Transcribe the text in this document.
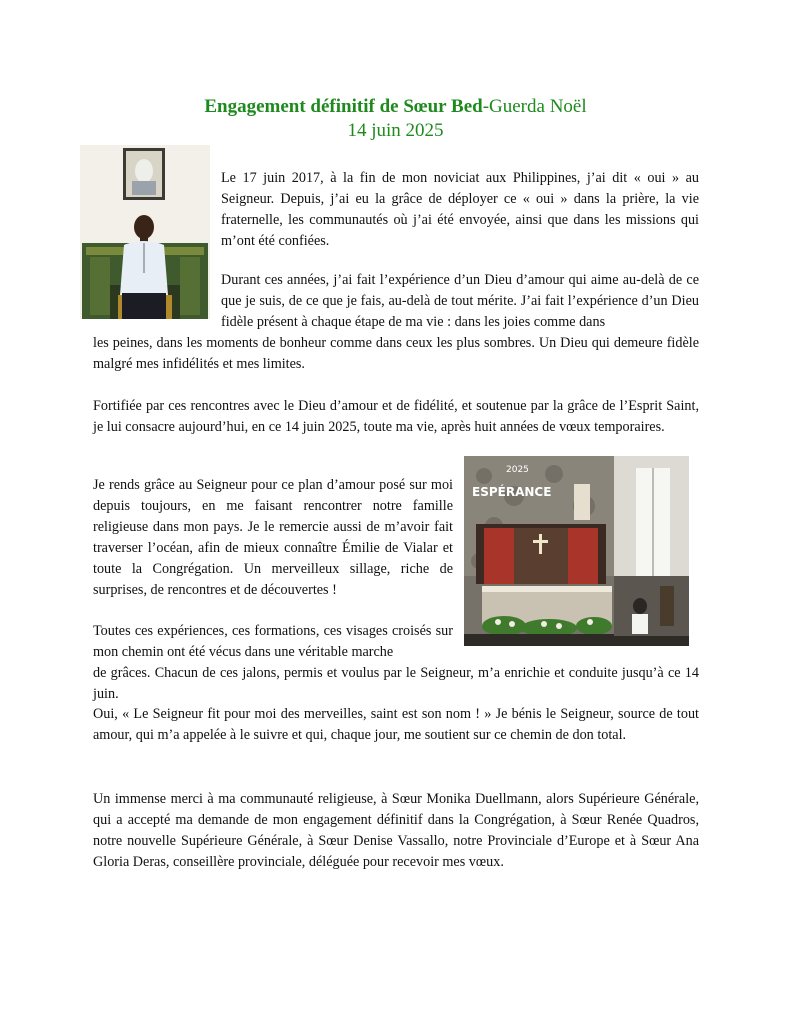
Engagement définitif de Sœur Bed-Guerda Noël
14 juin 2025
2025
ESPÉRANCE

Le 17 juin 2017, à la fin de mon noviciat aux Philippines, j’ai dit « oui » au Seigneur. Depuis, j’ai eu la grâce de déployer ce « oui » dans la prière, la vie fraternelle, les communautés où j’ai été envoyée, ainsi que dans les missions qui m’ont été confiées.

Durant ces années, j’ai fait l’expérience d’un Dieu d’amour qui aime au-delà de ce que je suis, de ce que je fais, au-delà de tout mérite. J’ai fait l’expérience d’un Dieu fidèle présent à chaque étape de ma vie : dans les joies comme dans

les peines, dans les moments de bonheur comme dans ceux les plus sombres. Un Dieu qui demeure fidèle malgré mes infidélités et mes limites.

Fortifiée par ces rencontres avec le Dieu d’amour et de fidélité, et soutenue par la grâce de l’Esprit Saint, je lui consacre aujourd’hui, en ce 14 juin 2025, toute ma vie, après huit années de vœux temporaires.

Je rends grâce au Seigneur pour ce plan d’amour posé sur moi depuis toujours, en me faisant rencontrer notre famille religieuse dans mon pays. Je le remercie aussi de m’avoir fait traverser l’océan, afin de mieux connaître Émilie de Vialar et toute la Congrégation. Un merveilleux sillage, riche de surprises, de rencontres et de découvertes !

Toutes ces expériences, ces formations, ces visages croisés sur mon chemin ont été vécus dans une véritable marche

de grâces. Chacun de ces jalons, permis et voulus par le Seigneur, m’a enrichie et conduite jusqu’à ce 14 juin.

Oui, « Le Seigneur fit pour moi des merveilles, saint est son nom ! » Je bénis le Seigneur, source de tout amour, qui m’a appelée à le suivre et qui, chaque jour, me soutient sur ce chemin de don total.

Un immense merci à ma communauté religieuse, à Sœur Monika Duellmann, alors Supérieure Générale, qui a accepté ma demande de mon engagement définitif dans la Congrégation, à Sœur Renée Quadros, notre nouvelle Supérieure Générale, à Sœur Denise Vassallo, notre Provinciale d’Europe et à Sœur Ana Gloria Deras, conseillère provinciale, déléguée pour recevoir mes vœux.
